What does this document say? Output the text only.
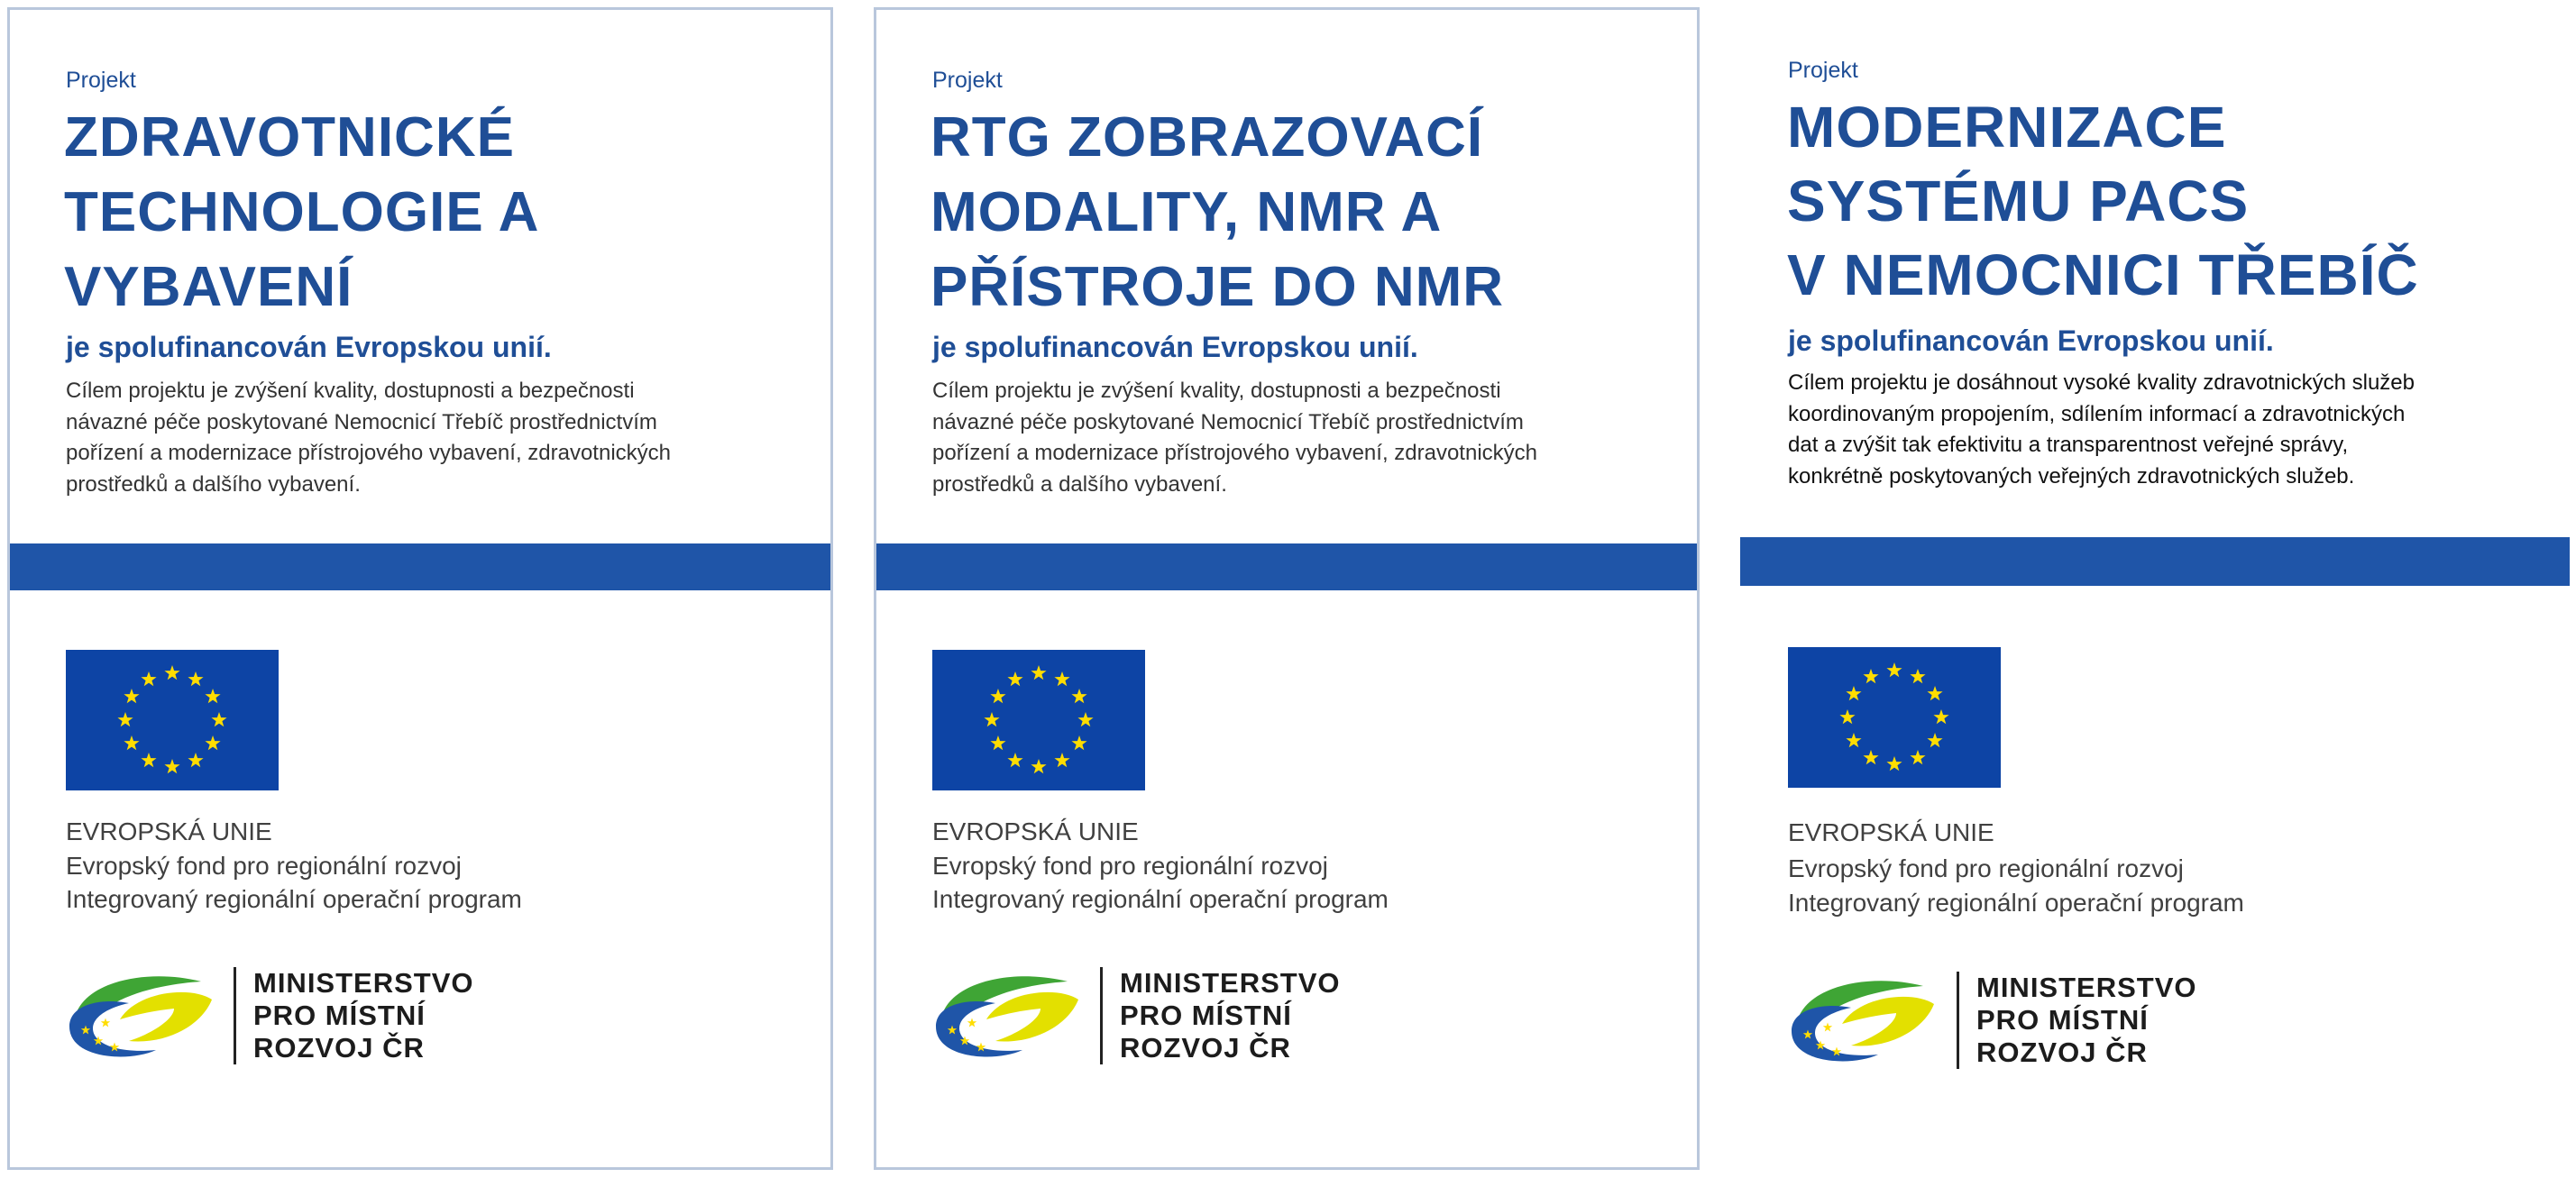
Projekt

ZDRAVOTNICKÉ
TECHNOLOGIE A
VYBAVENÍ

je spolufinancován Evropskou unií.

Cílem projektu je zvýšení kvality, dostupnosti a bezpečnosti
návazné péče poskytované Nemocnicí Třebíč prostřednictvím
pořízení a modernizace přístrojového vybavení, zdravotnických
prostředků a dalšího vybavení.

EVROPSKÁ UNIE

Evropský fond pro regionální rozvoj

Integrovaný regionální operační program

MINISTERSTVO
PRO MÍSTNÍ
ROZVOJ ČR

Projekt

RTG ZOBRAZOVACÍ
MODALITY, NMR A
PŘÍSTROJE DO NMR

je spolufinancován Evropskou unií.

Cílem projektu je zvýšení kvality, dostupnosti a bezpečnosti
návazné péče poskytované Nemocnicí Třebíč prostřednictvím
pořízení a modernizace přístrojového vybavení, zdravotnických
prostředků a dalšího vybavení.

EVROPSKÁ UNIE

Evropský fond pro regionální rozvoj

Integrovaný regionální operační program

MINISTERSTVO
PRO MÍSTNÍ
ROZVOJ ČR

Projekt

MODERNIZACE
SYSTÉMU PACS
V NEMOCNICI TŘEBÍČ

je spolufinancován Evropskou unií.

Cílem projektu je dosáhnout vysoké kvality zdravotnických služeb
koordinovaným propojením, sdílením informací a zdravotnických
dat a zvýšit tak efektivitu a transparentnost veřejné správy,
konkrétně poskytovaných veřejných zdravotnických služeb.

EVROPSKÁ UNIE

Evropský fond pro regionální rozvoj

Integrovaný regionální operační program

MINISTERSTVO
PRO MÍSTNÍ
ROZVOJ ČR
